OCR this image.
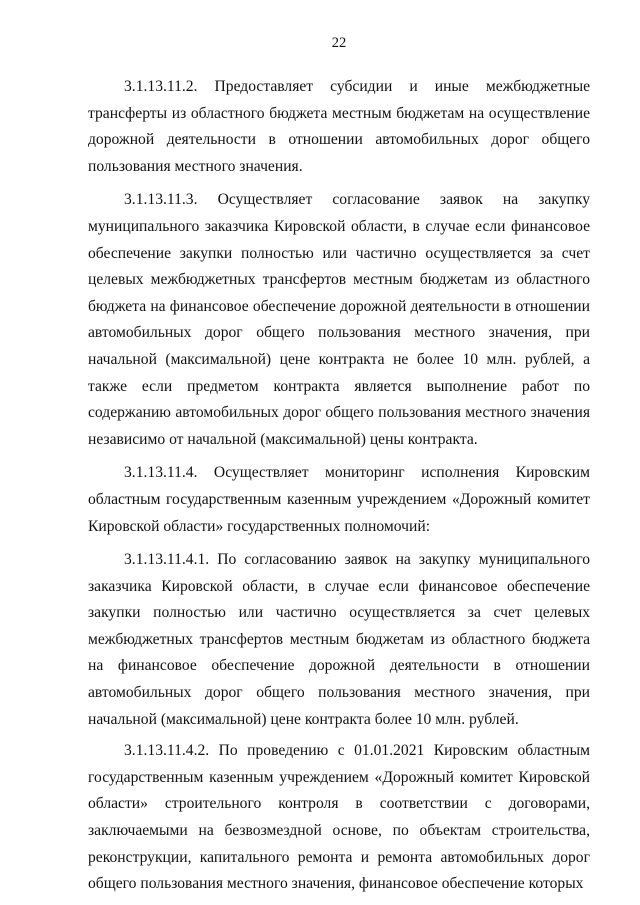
22

3.1.13.11.2. Предоставляет субсидии и иные межбюджетные трансферты из областного бюджета местным бюджетам на осуществление дорожной деятельности в отношении автомобильных дорог общего пользования местного значения.

3.1.13.11.3. Осуществляет согласование заявок на закупку муниципального заказчика Кировской области, в случае если финансовое обеспечение закупки полностью или частично осуществляется за счет целевых межбюджетных трансфертов местным бюджетам из областного бюджета на финансовое обеспечение дорожной деятельности в отношении автомобильных дорог общего пользования местного значения, при начальной (максимальной) цене контракта не более 10 млн. рублей, а также если предметом контракта является выполнение работ по содержанию автомобильных дорог общего пользования местного значения независимо от начальной (максимальной) цены контракта.

3.1.13.11.4. Осуществляет мониторинг исполнения Кировским областным государственным казенным учреждением «Дорожный комитет Кировской области» государственных полномочий:

3.1.13.11.4.1. По согласованию заявок на закупку муниципального заказчика Кировской области, в случае если финансовое обеспечение закупки полностью или частично осуществляется за счет целевых межбюджетных трансфертов местным бюджетам из областного бюджета на финансовое обеспечение дорожной деятельности в отношении автомобильных дорог общего пользования местного значения, при начальной (максимальной) цене контракта более 10 млн. рублей.

3.1.13.11.4.2. По проведению с 01.01.2021 Кировским областным государственным казенным учреждением «Дорожный комитет Кировской области» строительного контроля в соответствии с договорами, заключаемыми на безвозмездной основе, по объектам строительства, реконструкции, капитального ремонта и ремонта автомобильных дорог общего пользования местного значения, финансовое обеспечение которых
